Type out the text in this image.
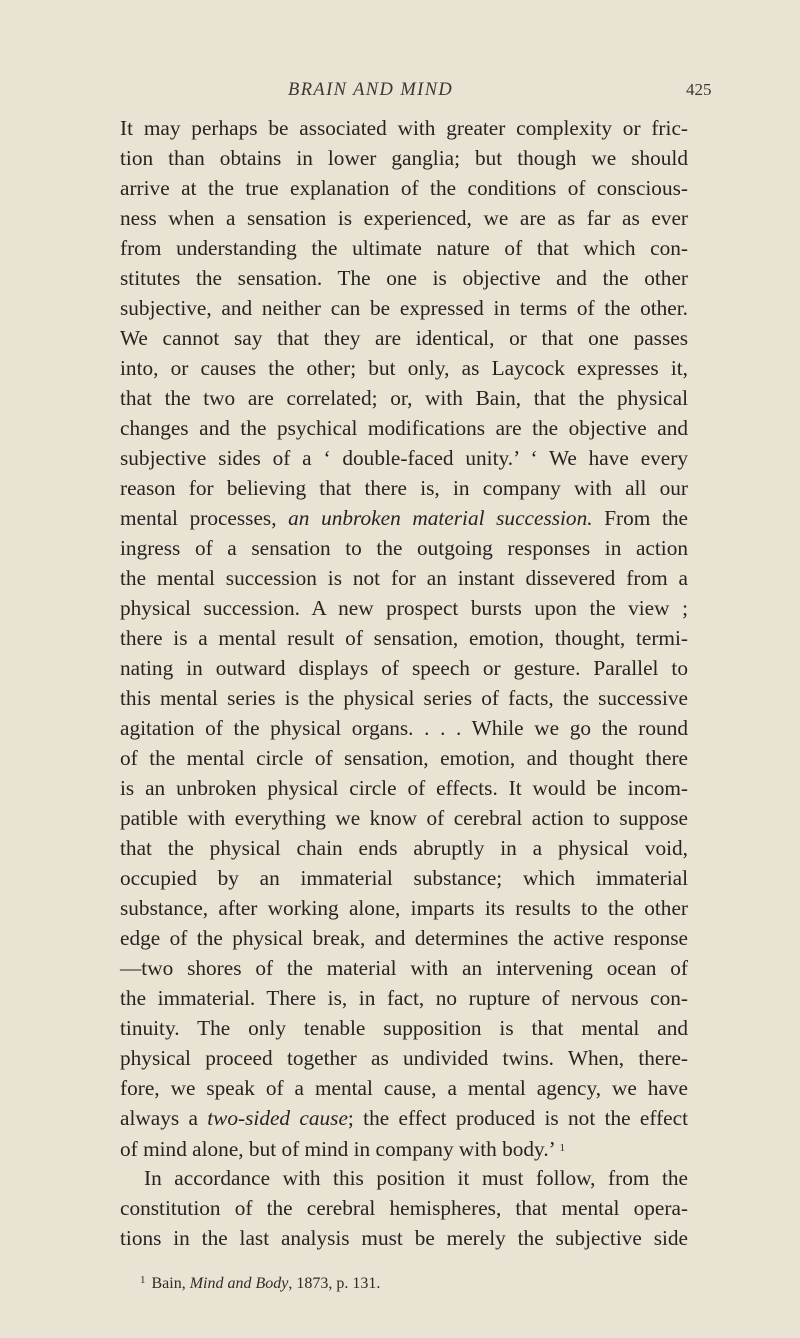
BRAIN AND MIND	425
It may perhaps be associated with greater complexity or fric-
tion than obtains in lower ganglia; but though we should
arrive at the true explanation of the conditions of conscious-
ness when a sensation is experienced, we are as far as ever
from understanding the ultimate nature of that which con-
stitutes the sensation. The one is objective and the other
subjective, and neither can be expressed in terms of the other.
We cannot say that they are identical, or that one passes
into, or causes the other; but only, as Laycock expresses it,
that the two are correlated; or, with Bain, that the physical
changes and the psychical modifications are the objective and
subjective sides of a ‘ double-faced unity.’ ‘ We have every
reason for believing that there is, in company with all our
mental processes, an unbroken material succession. From the
ingress of a sensation to the outgoing responses in action
the mental succession is not for an instant dissevered from a
physical succession. A new prospect bursts upon the view ;
there is a mental result of sensation, emotion, thought, termi-
nating in outward displays of speech or gesture. Parallel to
this mental series is the physical series of facts, the successive
agitation of the physical organs. . . . While we go the round
of the mental circle of sensation, emotion, and thought there
is an unbroken physical circle of effects. It would be incom-
patible with everything we know of cerebral action to suppose
that the physical chain ends abruptly in a physical void,
occupied by an immaterial substance; which immaterial
substance, after working alone, imparts its results to the other
edge of the physical break, and determines the active response
—two shores of the material with an intervening ocean of
the immaterial. There is, in fact, no rupture of nervous con-
tinuity. The only tenable supposition is that mental and
physical proceed together as undivided twins. When, there-
fore, we speak of a mental cause, a mental agency, we have
always a two-sided cause; the effect produced is not the effect
of mind alone, but of mind in company with body.’ $^1$
In accordance with this position it must follow, from the
constitution of the cerebral hemispheres, that mental opera-
tions in the last analysis must be merely the subjective side
$^1$ Bain, Mind and Body, 1873, p. 131.
